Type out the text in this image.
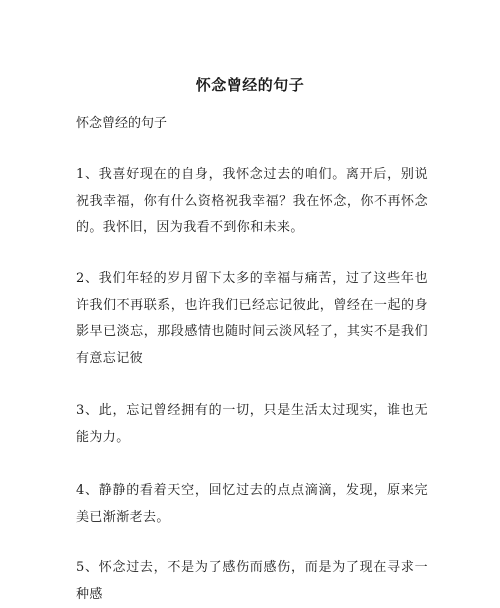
怀念曾经的句子
怀念曾经的句子
1、我喜好现在的自身，我怀念过去的咱们。离开后，别说祝我幸福，你有什么资格祝我幸福？我在怀念，你不再怀念的。我怀旧，因为我看不到你和未来。
2、我们年轻的岁月留下太多的幸福与痛苦，过了这些年也许我们不再联系，也许我们已经忘记彼此，曾经在一起的身影早已淡忘，那段感情也随时间云淡风轻了，其实不是我们有意忘记彼
3、此，忘记曾经拥有的一切，只是生活太过现实，谁也无能为力。
4、静静的看着天空，回忆过去的点点滴滴，发现，原来完美已渐渐老去。
5、怀念过去，不是为了感伤而感伤，而是为了现在寻求一种感
